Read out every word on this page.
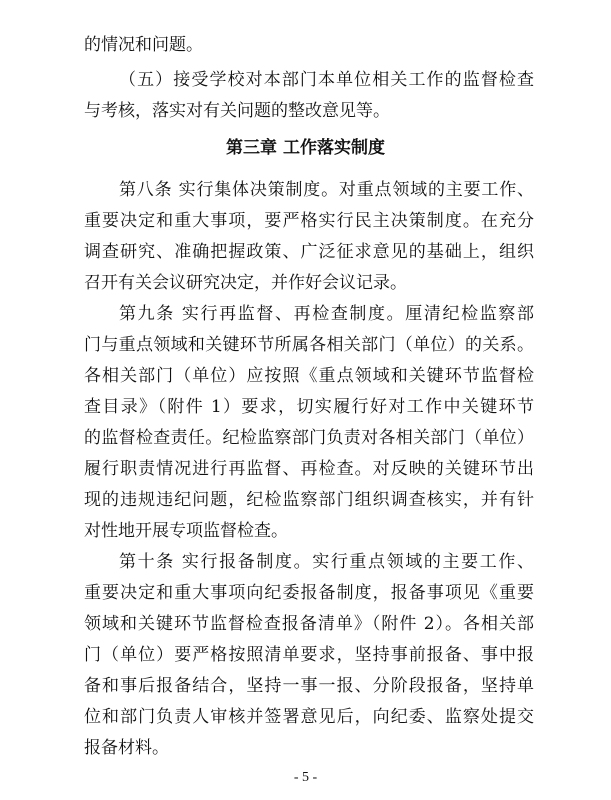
的情况和问题。
（五）接受学校对本部门本单位相关工作的监督检查
与考核，落实对有关问题的整改意见等。
第三章 工作落实制度
第八条 实行集体决策制度。对重点领域的主要工作、
重要决定和重大事项，要严格实行民主决策制度。在充分
调查研究、准确把握政策、广泛征求意见的基础上，组织
召开有关会议研究决定，并作好会议记录。
第九条 实行再监督、再检查制度。厘清纪检监察部
门与重点领域和关键环节所属各相关部门（单位）的关系。
各相关部门（单位）应按照《重点领域和关键环节监督检
查目录》（附件 1）要求，切实履行好对工作中关键环节
的监督检查责任。纪检监察部门负责对各相关部门（单位）
履行职责情况进行再监督、再检查。对反映的关键环节出
现的违规违纪问题，纪检监察部门组织调查核实，并有针
对性地开展专项监督检查。
第十条 实行报备制度。实行重点领域的主要工作、
重要决定和重大事项向纪委报备制度，报备事项见《重要
领域和关键环节监督检查报备清单》（附件 2）。各相关部
门（单位）要严格按照清单要求，坚持事前报备、事中报
备和事后报备结合，坚持一事一报、分阶段报备，坚持单
位和部门负责人审核并签署意见后，向纪委、监察处提交
报备材料。
- 5 -
